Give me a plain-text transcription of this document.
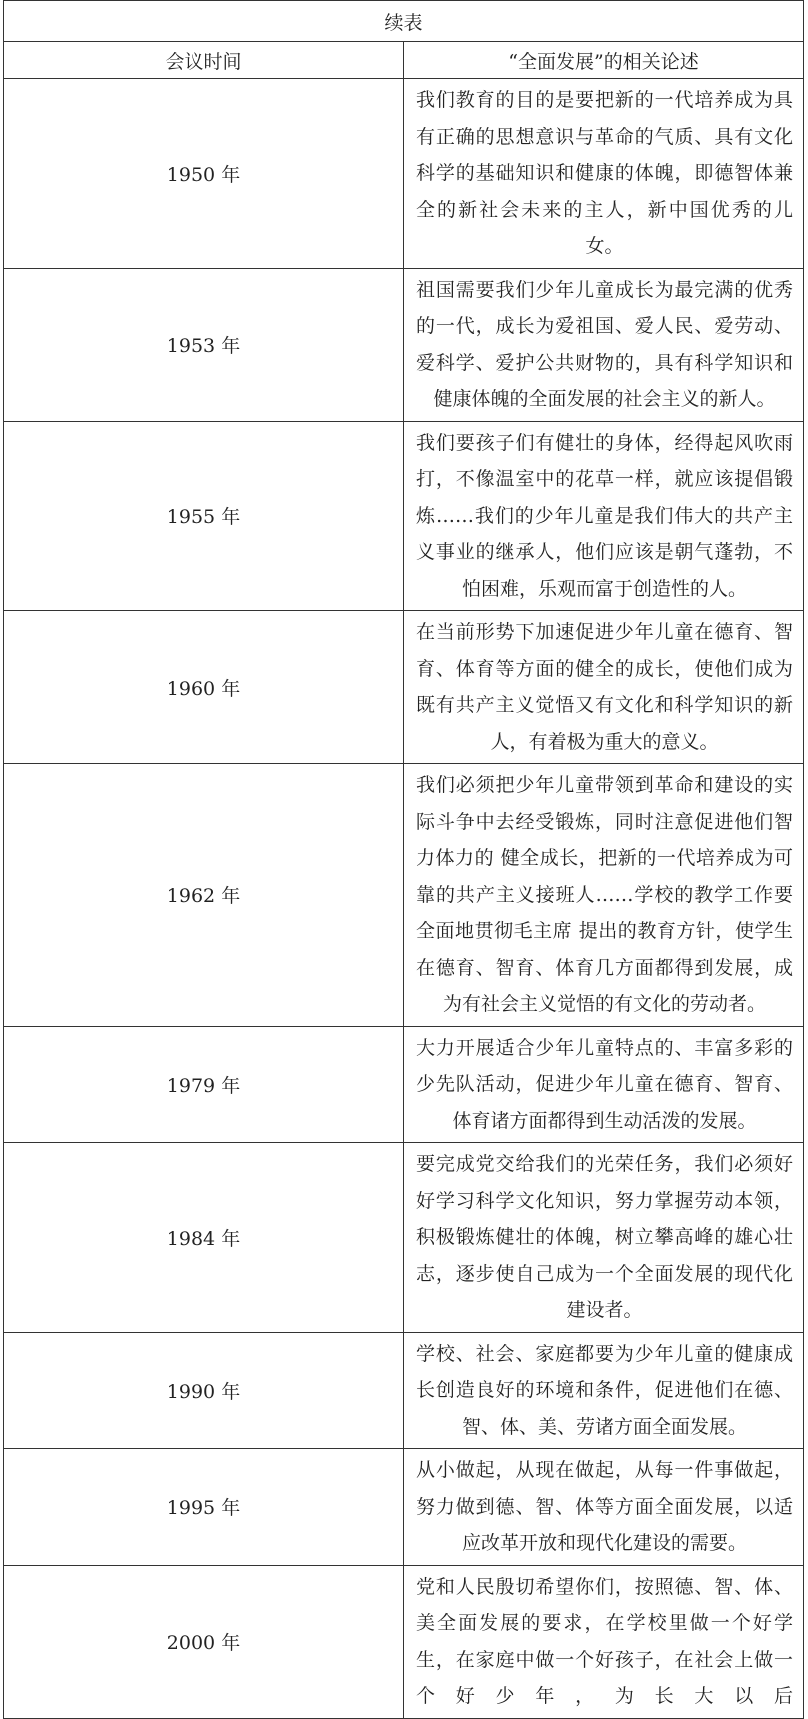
续表	
会议时间	“全面发展”的相关论述
1950 年	我们教育的目的是要把新的一代培养成为具有正确的思想意识与革命的气质、具有文化科学的基础知识和健康的体魄，即德智体兼全的新社会未来的主人，新中国优秀的儿女。
1953 年	祖国需要我们少年儿童成长为最完满的优秀的一代，成长为爱祖国、爱人民、爱劳动、爱科学、爱护公共财物的，具有科学知识和健康体魄的全面发展的社会主义的新人。
1955 年	我们要孩子们有健壮的身体，经得起风吹雨打，不像温室中的花草一样，就应该提倡锻炼……我们的少年儿童是我们伟大的共产主义事业的继承人，他们应该是朝气蓬勃，不怕困难，乐观而富于创造性的人。
1960 年	在当前形势下加速促进少年儿童在德育、智育、体育等方面的健全的成长，使他们成为既有共产主义觉悟又有文化和科学知识的新人，有着极为重大的意义。
1962 年	我们必须把少年儿童带领到革命和建设的实际斗争中去经受锻炼，同时注意促进他们智力体力的 健全成长，把新的一代培养成为可靠的共产主义接班人……学校的教学工作要全面地贯彻毛主席 提出的教育方针，使学生在德育、智育、体育几方面都得到发展，成为有社会主义觉悟的有文化的劳动者。
1979 年	大力开展适合少年儿童特点的、丰富多彩的少先队活动，促进少年儿童在德育、智育、体育诸方面都得到生动活泼的发展。
1984 年	要完成党交给我们的光荣任务，我们必须好好学习科学文化知识，努力掌握劳动本领，积极锻炼健壮的体魄，树立攀高峰的雄心壮志，逐步使自己成为一个全面发展的现代化建设者。
1990 年	学校、社会、家庭都要为少年儿童的健康成长创造良好的环境和条件，促进他们在德、智、体、美、劳诸方面全面发展。
1995 年	从小做起，从现在做起，从每一件事做起，努力做到德、智、体等方面全面发展，以适应改革开放和现代化建设的需要。
2000 年	党和人民殷切希望你们，按照德、智、体、美全面发展的要求，在学校里做一个好学生，在家庭中做一个好孩子，在社会上做一个好少年，为长大以后
